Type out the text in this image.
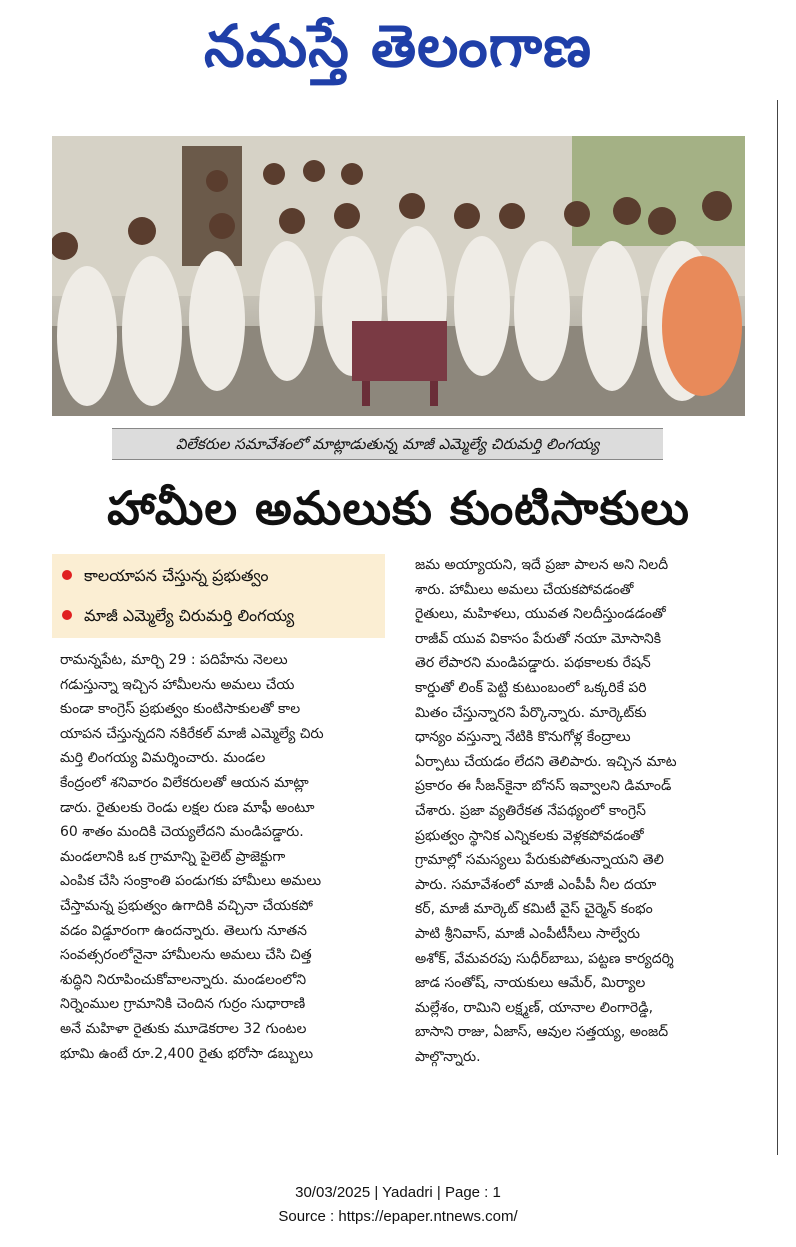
నమస్తే తెలంగాణ
విలేకరుల సమావేశంలో మాట్లాడుతున్న మాజీ ఎమ్మెల్యే చిరుమర్తి లింగయ్య
హామీల అమలుకు కుంటిసాకులు
కాలయాపన చేస్తున్న ప్రభుత్వం
మాజీ ఎమ్మెల్యే చిరుమర్తి లింగయ్య

రామన్నపేట, మార్చి 29 : పదిహేను నెలలు

గడుస్తున్నా ఇచ్చిన హామీలను అమలు చేయ

కుండా కాంగ్రెస్ ప్రభుత్వం కుంటిసాకులతో కాల

యాపన చేస్తున్నదని నకిరేకల్ మాజీ ఎమ్మెల్యే చిరు

మర్తి లింగయ్య విమర్శించారు. మండల

కేంద్రంలో శనివారం విలేకరులతో ఆయన మాట్లా

డారు. రైతులకు రెండు లక్షల రుణ మాఫీ అంటూ

60 శాతం మందికి చెయ్యలేదని మండిపడ్డారు.

మండలానికి ఒక గ్రామాన్ని పైలెట్ ప్రాజెక్టుగా

ఎంపిక చేసి సంక్రాంతి పండుగకు హామీలు అమలు

చేస్తామన్న ప్రభుత్వం ఉగాదికి వచ్చినా చేయకపో

వడం విడ్డూరంగా ఉందన్నారు. తెలుగు నూతన

సంవత్సరంలోనైనా హామీలను అమలు చేసి చిత్త

శుద్ధిని నిరూపించుకోవాలన్నారు. మండలంలోని

నిర్నెంముల గ్రామానికి చెందిన గుర్రం సుధారాణి

అనే మహిళా రైతుకు మూడెకరాల 32 గుంటల

భూమి ఉంటే రూ.2,400 రైతు భరోసా డబ్బులు

జమ అయ్యాయని, ఇదే ప్రజా పాలన అని నిలదీ

శారు. హామీలు అమలు చేయకపోవడంతో

రైతులు, మహిళలు, యువత నిలదీస్తుండడంతో

రాజీవ్ యువ వికాసం పేరుతో నయా మోసానికి

తెర లేపారని మండిపడ్డారు. పథకాలకు రేషన్

కార్డుతో లింక్ పెట్టి కుటుంబంలో ఒక్కరికే పరి

మితం చేస్తున్నారని పేర్కొన్నారు. మార్కెట్‌కు

ధాన్యం వస్తున్నా నేటికి కొనుగోళ్ల కేంద్రాలు

ఏర్పాటు చేయడం లేదని తెలిపారు. ఇచ్చిన మాట

ప్రకారం ఈ సీజన్‌కైనా బోనస్ ఇవ్వాలని డిమాండ్

చేశారు. ప్రజా వ్యతిరేకత నేపథ్యంలో కాంగ్రెస్

ప్రభుత్వం స్థానిక ఎన్నికలకు వెళ్లకపోవడంతో

గ్రామాల్లో సమస్యలు పేరుకుపోతున్నాయని తెలి

పారు. సమావేశంలో మాజీ ఎంపీపీ నీల దయా

కర్, మాజీ మార్కెట్ కమిటీ వైస్ చైర్మెన్ కంభం

పాటి శ్రీనివాస్, మాజీ ఎంపీటీసీలు సాల్వేరు

అశోక్, వేమవరపు సుధీర్‌బాబు, పట్టణ కార్యదర్శి

జాడ సంతోష్, నాయకులు ఆమేర్, మిర్యాల

మల్లేశం, రామిని లక్ష్మణ్, యానాల లింగారెడ్డి,

బాసాని రాజు, ఏజాస్, ఆవుల సత్తయ్య, అంజద్

పాల్గొన్నారు.

30/03/2025 | Yadadri | Page : 1
Source : https://epaper.ntnews.com/
